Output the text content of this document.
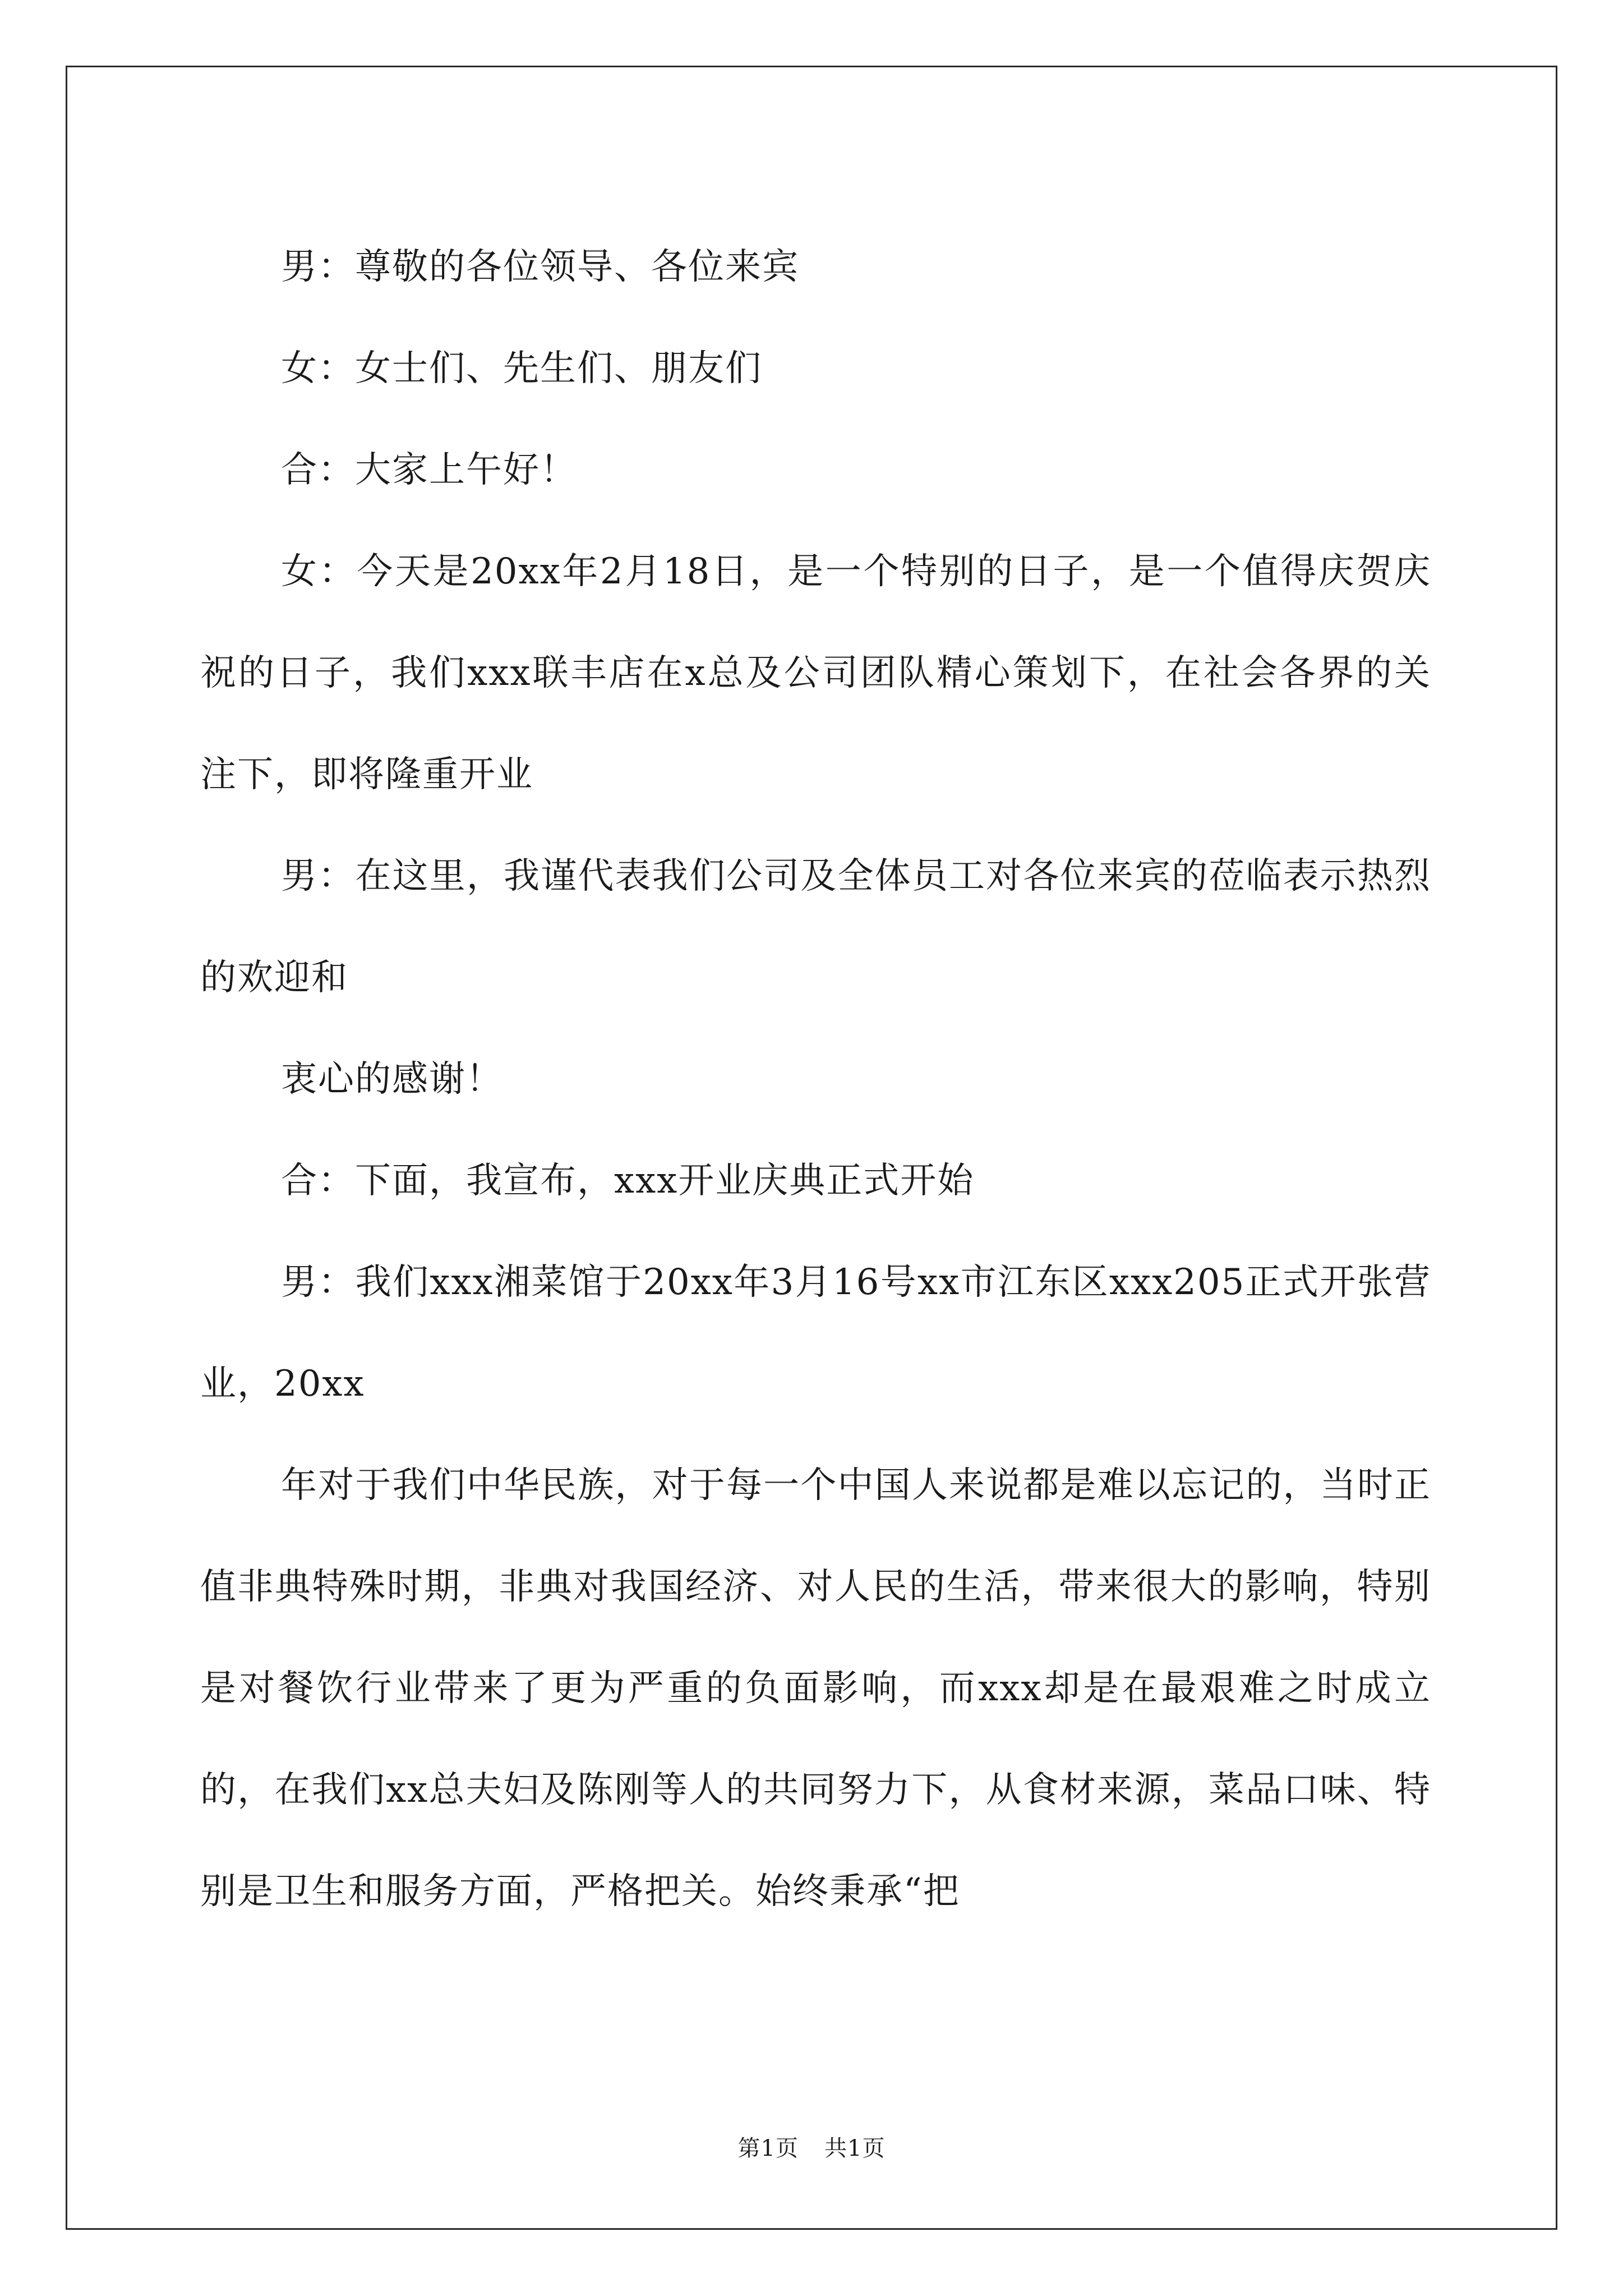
男：尊敬的各位领导、各位来宾

女：女士们、先生们、朋友们

合：大家上午好！

女：今天是20xx年2月18日，是一个特别的日子，是一个值得庆贺庆祝的日子，我们xxx联丰店在x总及公司团队精心策划下，在社会各界的关注下，即将隆重开业

男：在这里，我谨代表我们公司及全体员工对各位来宾的莅临表示热烈的欢迎和

衷心的感谢！

合：下面，我宣布，xxx开业庆典正式开始

男：我们xxx湘菜馆于20xx年3月16号xx市江东区xxx205正式开张营业，20xx

年对于我们中华民族，对于每一个中国人来说都是难以忘记的，当时正值非典特殊时期，非典对我国经济、对人民的生活，带来很大的影响，特别是对餐饮行业带来了更为严重的负面影响，而xxx却是在最艰难之时成立的，在我们xx总夫妇及陈刚等人的共同努力下，从食材来源，菜品口味、特别是卫生和服务方面，严格把关。始终秉承“把

第1页 共1页
